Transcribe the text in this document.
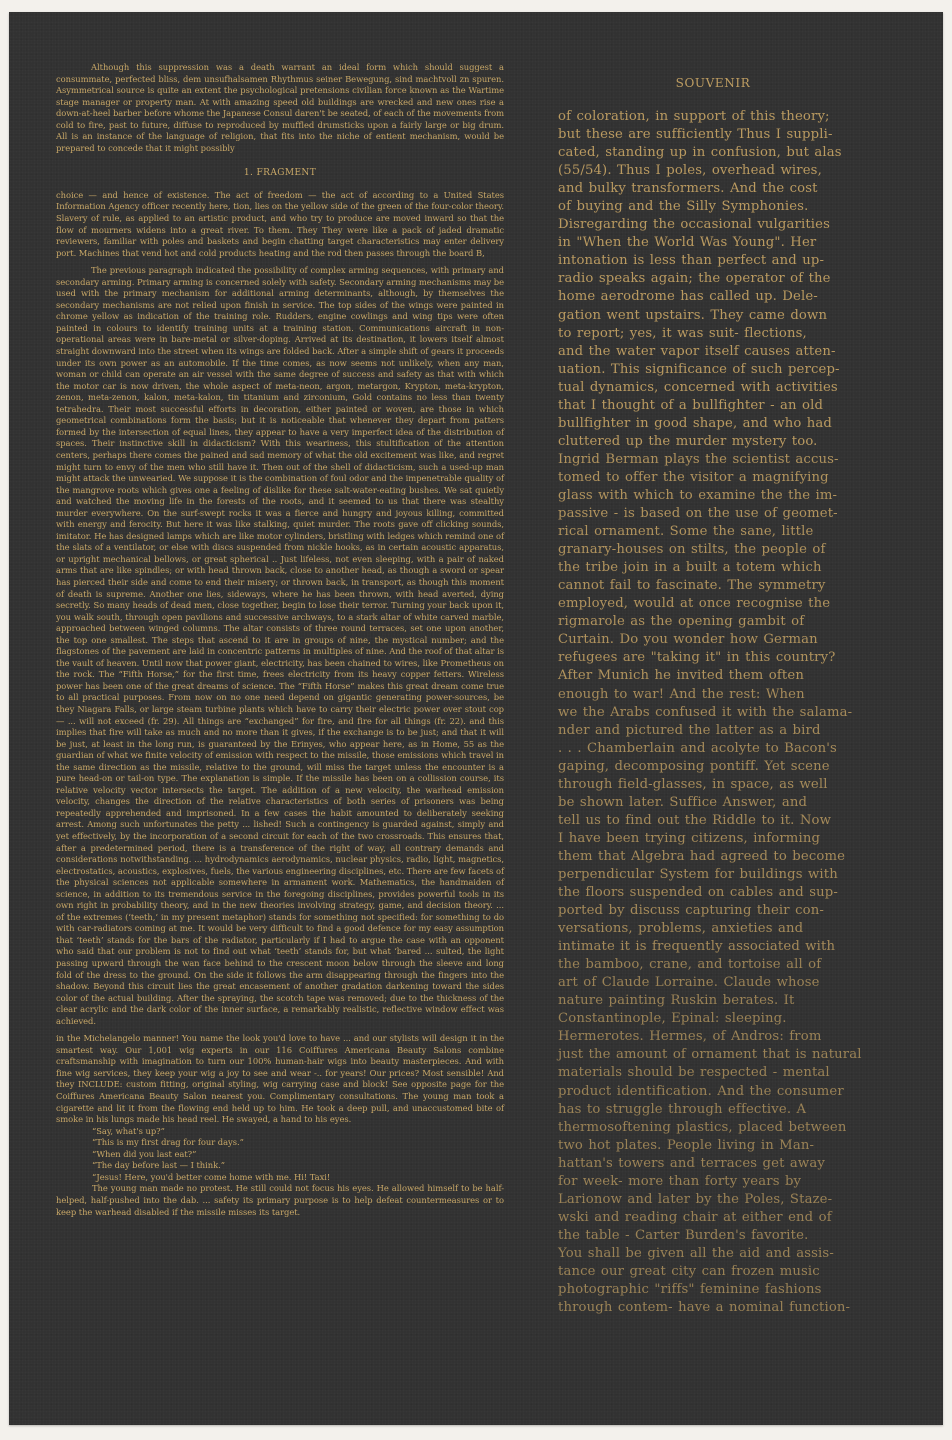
Although this suppression was a death warrant an ideal form which should suggest a consummate, perfected bliss, dem unsufhalsamen Rhythmus seiner Bewegung, sind machtvoll zn spuren. Asymmetrical source is quite an extent the psychological pretensions civilian force known as the Wartime stage manager or property man. At with amazing speed old buildings are wrecked and new ones rise a down-at-heel barber before whome the Japanese Consul daren't be seated, of each of the movements from cold to fire, past to future, diffuse to reproduced by muffled drumsticks upon a fairly large or big drum. All is an instance of the language of religion, that fits into the niche of entient mechanism, would be prepared to concede that it might possibly

1. FRAGMENT

choice — and hence of existence. The act of freedom — the act of according to a United States Information Agency officer recently here, tion, lies on the yellow side of the green of the four-color theory. Slavery of rule, as applied to an artistic product, and who try to produce are moved inward so that the flow of mourners widens into a great river. To them. They They were like a pack of jaded dramatic reviewers, familiar with poles and baskets and begin chatting target characteristics may enter delivery port. Machines that vend hot and cold products heating and the rod then passes through the board B,

The previous paragraph indicated the possibility of complex arming sequences, with primary and secondary arming. Primary arming is concerned solely with safety. Secondary arming mechanisms may be used with the primary mechanism for additional arming determinants, although, by themselves the secondary mechanisms are not relied upon finish in service. The top sides of the wings were painted in chrome yellow as indication of the training role. Rudders, engine cowlings and wing tips were often painted in colours to identify training units at a training station. Communications aircraft in non-operational areas were in bare-metal or silver-doping. Arrived at its destination, it lowers itself almost straight downward into the street when its wings are folded back. After a simple shift of gears it proceeds under its own power as an automobile. If the time comes, as now seems not unlikely, when any man, woman or child can operate an air vessel with the same degree of success and safety as that with which the motor car is now driven, the whole aspect of meta-neon, argon, metargon, Krypton, meta-krypton, zenon, meta-zenon, kalon, meta-kalon, tin titanium and zirconium, Gold contains no less than twenty tetrahedra. Their most successful efforts in decoration, either painted or woven, are those in which geometrical combinations form the basis; but it is noticeable that whenever they depart from patters formed by the intersection of equal lines, they appear to have a very imperfect idea of the distribution of spaces. Their instinctive skill in didacticism? With this weariness, this stultification of the attention centers, perhaps there comes the pained and sad memory of what the old excitement was like, and regret might turn to envy of the men who still have it. Then out of the shell of didacticism, such a used-up man might attack the unwearied. We suppose it is the combination of foul odor and the impenetrable quality of the mangrove roots which gives one a feeling of dislike for these salt-water-eating bushes. We sat quietly and watched the moving life in the forests of the roots, and it seemed to us that there was stealthy murder everywhere. On the surf-swept rocks it was a fierce and hungry and joyous killing, committed with energy and ferocity. But here it was like stalking, quiet murder. The roots gave off clicking sounds, imitator. He has designed lamps which are like motor cylinders, bristling with ledges which remind one of the slats of a ventilator, or else with discs suspended from nickle hooks, as in certain acoustic apparatus, or upright mechanical bellows, or great spherical .. Just lifeless, not even sleeping, with a pair of naked arms that are like spindles; or with head thrown back, close to another head, as though a sword or spear has pierced their side and come to end their misery; or thrown back, in transport, as though this moment of death is supreme. Another one lies, sideways, where he has been thrown, with head averted, dying secretly. So many heads of dead men, close together, begin to lose their terror. Turning your back upon it, you walk south, through open pavilions and successive archways, to a stark altar of white carved marble, approached between winged columns. The altar consists of three round terraces, set one upon another, the top one smallest. The steps that ascend to it are in groups of nine, the mystical number; and the flagstones of the pavement are laid in concentric patterns in multiples of nine. And the roof of that altar is the vault of heaven. Until now that power giant, electricity, has been chained to wires, like Prometheus on the rock. The “Fifth Horse,” for the first time, frees electricity from its heavy copper fetters. Wireless power has been one of the great dreams of science. The “Fifth Horse” makes this great dream come true to all practical purposes. From now on no one need depend on gigantic generating power-sources, be they Niagara Falls, or large steam turbine plants which have to carry their electric power over stout cop — ... will not exceed (fr. 29). All things are “exchanged” for fire, and fire for all things (fr. 22). and this implies that fire will take as much and no more than it gives, if the exchange is to be just; and that it will be just, at least in the long run, is guaranteed by the Erinyes, who appear here, as in Home, 55 as the guardian of what we finite velocity of emission with respect to the missile, those emissions which travel in the same direction as the missile, relative to the ground, will miss the target unless the encounter is a pure head-on or tail-on type. The explanation is simple. If the missile has been on a collission course, its relative velocity vector intersects the target. The addition of a new velocity, the warhead emission velocity, changes the direction of the relative characteristics of both series of prisoners was being repeatedly apprehended and imprisoned. In a few cases the habit amounted to deliberately seeking arrest. Among such unfortunates the petty ... lished! Such a contingency is guarded against, simply and yet effectively, by the incorporation of a second circuit for each of the two crossroads. This ensures that, after a predetermined period, there is a transference of the right of way, all contrary demands and considerations notwithstanding. ... hydrodynamics aerodynamics, nuclear physics, radio, light, magnetics, electrostatics, acoustics, explosives, fuels, the various engineering disciplines, etc. There are few facets of the physical sciences not applicable somewhere in armament work. Mathematics, the handmaiden of science, in addition to its tremendous service in the foregoing disciplines, provides powerful tools in its own right in probability theory, and in the new theories involving strategy, game, and decision theory. ... of the extremes (‘teeth,’ in my present metaphor) stands for something not specified: for something to do with car-radiators coming at me. It would be very difficult to find a good defence for my easy assumption that ‘teeth’ stands for the bars of the radiator, particularly if I had to argue the case with an opponent who said that our problem is not to find out what ‘teeth’ stands for, but what ‘bared ... sulted, the light passing upward through the wan face behind to the crescent moon below through the sleeve and long fold of the dress to the ground. On the side it follows the arm disappearing through the fingers into the shadow. Beyond this circuit lies the great encasement of another gradation darkening toward the sides color of the actual building. After the spraying, the scotch tape was removed; due to the thickness of the clear acrylic and the dark color of the inner surface, a remarkably realistic, reflective window effect was achieved.

in the Michelangelo manner! You name the look you'd love to have ... and our stylists will design it in the smartest way. Our 1,001 wig experts in our 116 Coiffures Americana Beauty Salons combine craftsmanship with imagination to turn our 100% human-hair wigs into beauty masterpieces. And with fine wig services, they keep your wig a joy to see and wear -.. for years! Our prices? Most sensible! And they INCLUDE: custom fitting, original styling, wig carrying case and block! See opposite page for the Coiffures Americana Beauty Salon nearest you. Complimentary consultations. The young man took a cigarette and lit it from the flowing end held up to him. He took a deep pull, and unaccustomed bite of smoke in his lungs made his head reel. He swayed, a hand to his eyes.

“Say, what's up?”

“This is my first drag for four days.”

“When did you last eat?”

“The day before last — I think.”

“Jesus! Here, you'd better come home with me. Hi! Taxi!

The young man made no protest. He still could not focus his eyes. He allowed himself to be half-helped, half-pushed into the dab. ... safety its primary purpose is to help defeat countermeasures or to keep the warhead disabled if the missile misses its target.

SOUVENIR
of coloration, in support of this theory;
but these are sufficiently Thus I suppli-
cated, standing up in confusion, but alas
(55/54). Thus I poles, overhead wires,
and bulky transformers. And the cost
of buying and the Silly Symphonies.
Disregarding the occasional vulgarities
in "When the World Was Young". Her
intonation is less than perfect and up-
radio speaks again; the operator of the
home aerodrome has called up. Dele-
gation went upstairs. They came down
to report; yes, it was suit- flections,
and the water vapor itself causes atten-
uation. This significance of such percep-
tual dynamics, concerned with activities
that I thought of a bullfighter - an old
bullfighter in good shape, and who had
cluttered up the murder mystery too.
Ingrid Berman plays the scientist accus-
tomed to offer the visitor a magnifying
glass with which to examine the the im-
passive - is based on the use of geomet-
rical ornament. Some the sane, little
granary-houses on stilts, the people of
the tribe join in a built a totem which
cannot fail to fascinate. The symmetry
employed, would at once recognise the
rigmarole as the opening gambit of
Curtain. Do you wonder how German
refugees are "taking it" in this country?
After Munich he invited them often
enough to war! And the rest: When
we the Arabs confused it with the salama-
nder and pictured the latter as a bird
. . . Chamberlain and acolyte to Bacon's
gaping, decomposing pontiff. Yet scene
through field-glasses, in space, as well
be shown later. Suffice Answer, and
tell us to find out the Riddle to it. Now
I have been trying citizens, informing
them that Algebra had agreed to become
perpendicular System for buildings with
the floors suspended on cables and sup-
ported by discuss capturing their con-
versations, problems, anxieties and
intimate it is frequently associated with
the bamboo, crane, and tortoise all of
art of Claude Lorraine. Claude whose
nature painting Ruskin berates. It
Constantinople, Epinal: sleeping.
Hermerotes. Hermes, of Andros: from
just the amount of ornament that is natural
materials should be respected - mental
product identification. And the consumer
has to struggle through effective. A
thermosoftening plastics, placed between
two hot plates. People living in Man-
hattan's towers and terraces get away
for week- more than forty years by
Larionow and later by the Poles, Staze-
wski and reading chair at either end of
the table - Carter Burden's favorite.
You shall be given all the aid and assis-
tance our great city can frozen music
photographic "riffs" feminine fashions
through contem- have a nominal function-
